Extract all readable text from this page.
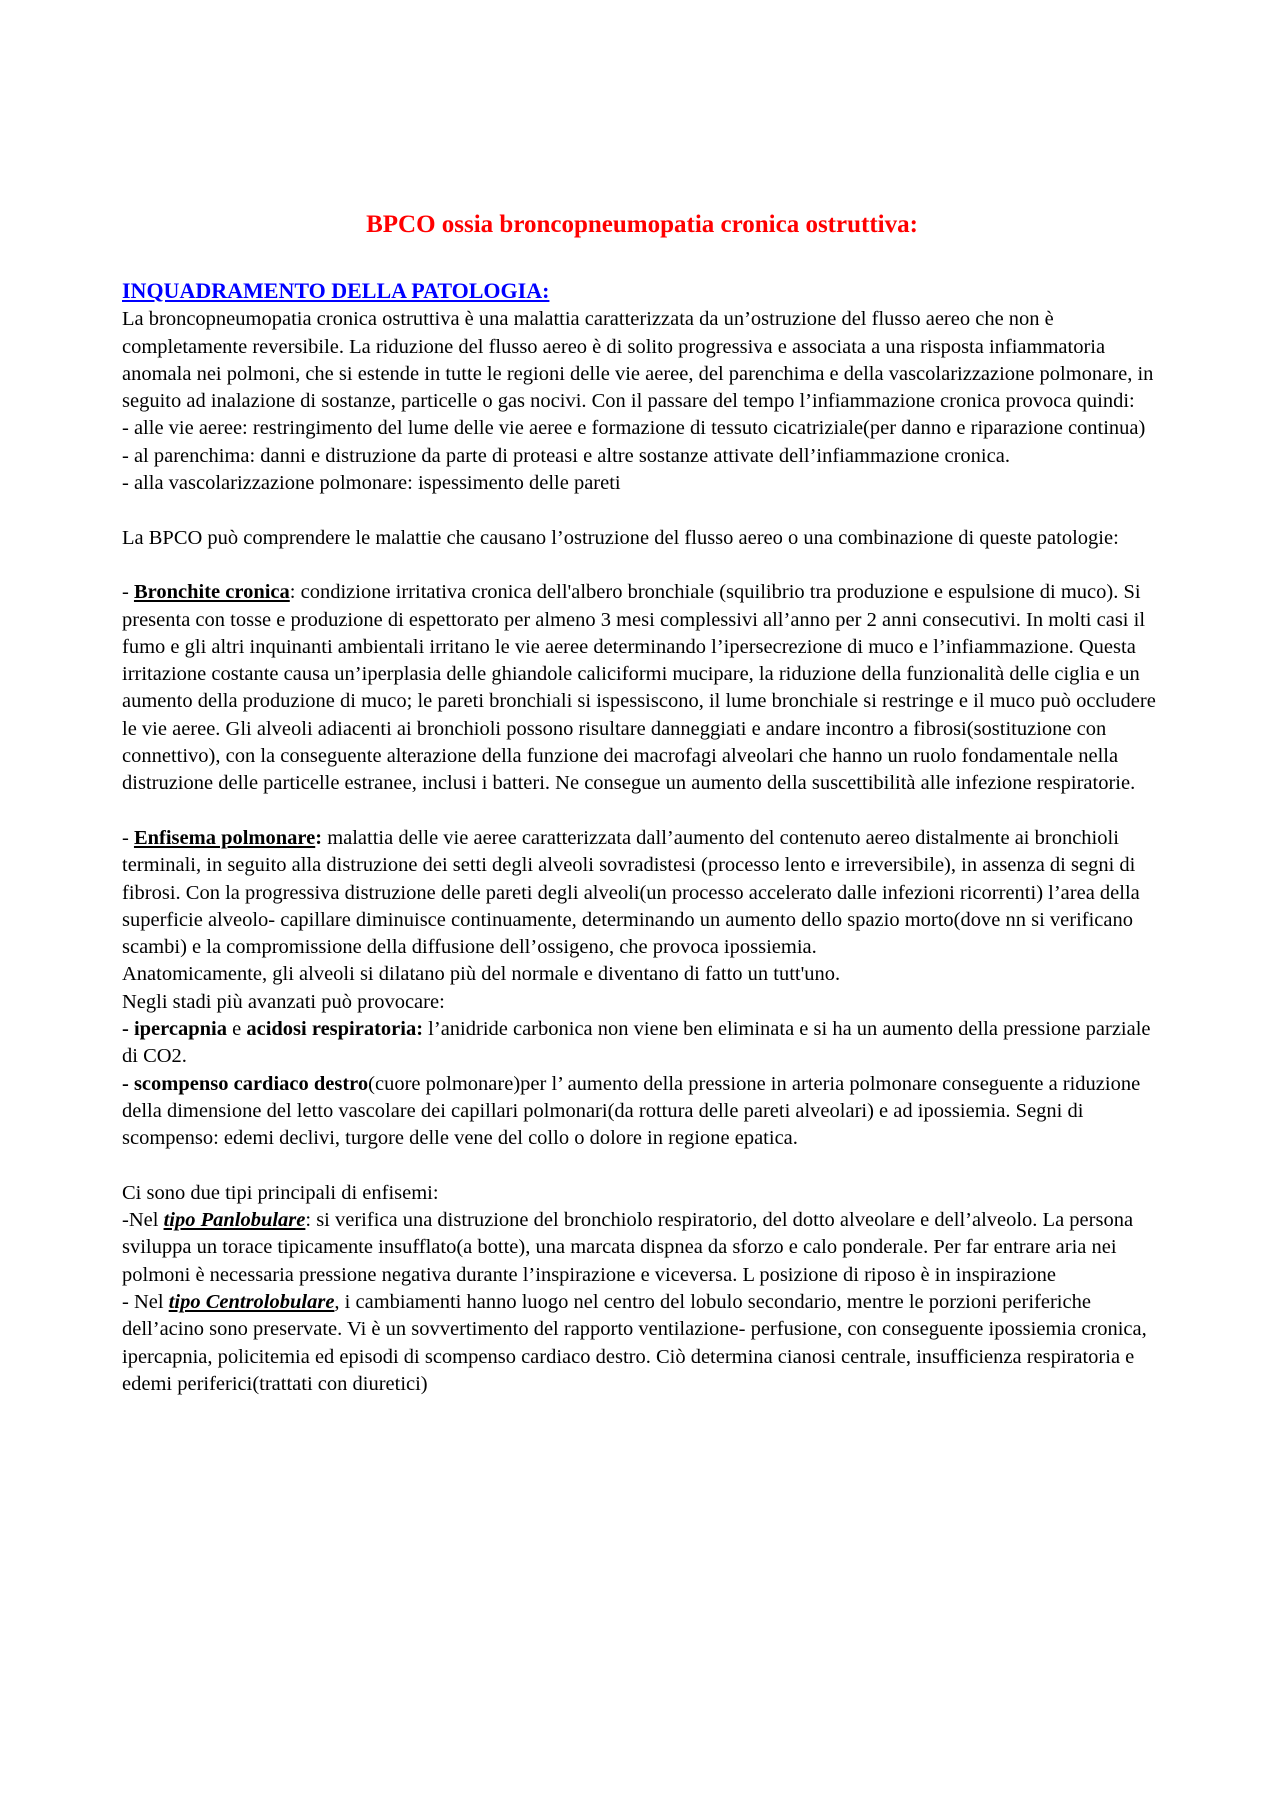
BPCO ossia broncopneumopatia cronica ostruttiva:
INQUADRAMENTO DELLA PATOLOGIA:

La broncopneumopatia cronica ostruttiva è una malattia caratterizzata da un’ostruzione del flusso aereo che non è completamente reversibile. La riduzione del flusso aereo è di solito progressiva e associata a una risposta infiammatoria anomala nei polmoni, che si estende in tutte le regioni delle vie aeree, del parenchima e della vascolarizzazione polmonare, in seguito ad inalazione di sostanze, particelle o gas nocivi. Con il passare del tempo l’infiammazione cronica provoca quindi:

- alle vie aeree: restringimento del lume delle vie aeree e formazione di tessuto cicatriziale(per danno e riparazione continua)

- al parenchima: danni e distruzione da parte di proteasi e altre sostanze attivate dell’infiammazione cronica.

- alla vascolarizzazione polmonare: ispessimento delle pareti

La BPCO può comprendere le malattie che causano l’ostruzione del flusso aereo o una combinazione di queste patologie:

- Bronchite cronica: condizione irritativa cronica dell'albero bronchiale (squilibrio tra produzione e espulsione di muco). Si presenta con tosse e produzione di espettorato per almeno 3 mesi complessivi all’anno per 2 anni consecutivi. In molti casi il fumo e gli altri inquinanti ambientali irritano le vie aeree determinando l’ipersecrezione di muco e l’infiammazione. Questa irritazione costante causa un’iperplasia delle ghiandole caliciformi mucipare, la riduzione della funzionalità delle ciglia e un aumento della produzione di muco; le pareti bronchiali si ispessiscono, il lume bronchiale si restringe e il muco può occludere le vie aeree. Gli alveoli adiacenti ai bronchioli possono risultare danneggiati e andare incontro a fibrosi(sostituzione con connettivo), con la conseguente alterazione della funzione dei macrofagi alveolari che hanno un ruolo fondamentale nella distruzione delle particelle estranee, inclusi i batteri. Ne consegue un aumento della suscettibilità alle infezione respiratorie.

- Enfisema polmonare: malattia delle vie aeree caratterizzata dall’aumento del contenuto aereo distalmente ai bronchioli terminali, in seguito alla distruzione dei setti degli alveoli sovradistesi (processo lento e irreversibile), in assenza di segni di fibrosi. Con la progressiva distruzione delle pareti degli alveoli(un processo accelerato dalle infezioni ricorrenti) l’area della superficie alveolo- capillare diminuisce continuamente, determinando un aumento dello spazio morto(dove nn si verificano scambi) e la compromissione della diffusione dell’ossigeno, che provoca ipossiemia.

Anatomicamente, gli alveoli si dilatano più del normale e diventano di fatto un tutt'uno.

Negli stadi più avanzati può provocare:

- ipercapnia e acidosi respiratoria: l’anidride carbonica non viene ben eliminata e si ha un aumento della pressione parziale di CO2.

- scompenso cardiaco destro(cuore polmonare)per l’ aumento della pressione in arteria polmonare conseguente a riduzione della dimensione del letto vascolare dei capillari polmonari(da rottura delle pareti alveolari) e ad ipossiemia. Segni di scompenso: edemi declivi, turgore delle vene del collo o dolore in regione epatica.

Ci sono due tipi principali di enfisemi:

-Nel tipo Panlobulare: si verifica una distruzione del bronchiolo respiratorio, del dotto alveolare e dell’alveolo. La persona sviluppa un torace tipicamente insufflato(a botte), una marcata dispnea da sforzo e calo ponderale. Per far entrare aria nei polmoni è necessaria pressione negativa durante l’inspirazione e viceversa. L posizione di riposo è in inspirazione

- Nel tipo Centrolobulare, i cambiamenti hanno luogo nel centro del lobulo secondario, mentre le porzioni periferiche dell’acino sono preservate. Vi è un sovvertimento del rapporto ventilazione- perfusione, con conseguente ipossiemia cronica, ipercapnia, policitemia ed episodi di scompenso cardiaco destro. Ciò determina cianosi centrale, insufficienza respiratoria e edemi periferici(trattati con diuretici)
